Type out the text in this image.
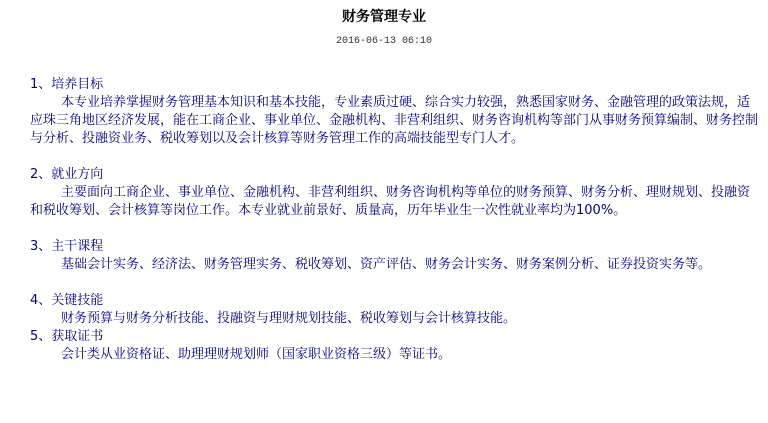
财务管理专业
2016-06-13 06:10
1、培养目标

本专业培养掌握财务管理基本知识和基本技能，专业素质过硬、综合实力较强，熟悉国家财务、金融管理的政策法规，适应珠三角地区经济发展，能在工商企业、事业单位、金融机构、非营利组织、财务咨询机构等部门从事财务预算编制、财务控制与分析、投融资业务、税收筹划以及会计核算等财务管理工作的高端技能型专门人才。

2、就业方向

主要面向工商企业、事业单位、金融机构、非营利组织、财务咨询机构等单位的财务预算、财务分析、理财规划、投融资和税收筹划、会计核算等岗位工作。本专业就业前景好、质量高，历年毕业生一次性就业率均为100%。

3、主干课程

基础会计实务、经济法、财务管理实务、税收筹划、资产评估、财务会计实务、财务案例分析、证券投资实务等。

4、关键技能

财务预算与财务分析技能、投融资与理财规划技能、税收筹划与会计核算技能。

5、获取证书

会计类从业资格证、助理理财规划师（国家职业资格三级）等证书。
